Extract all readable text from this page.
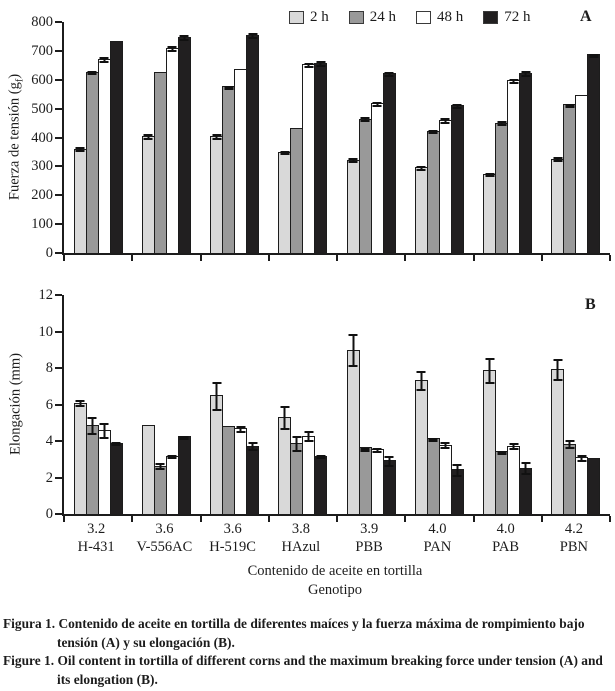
2 h	24 h	48 h	72 h	A
B
Fuerza de tensión $(g_f)$
Elongación (mm)
0
100
200
300
400
500
600
700
800
0
2
4
6
8
10
12
3.2
H-431
3.6
V-556AC
3.6
H-519C
3.8
HAzul
3.9
PBB
4.0
PAN
4.0
PAB
4.2
PBN
Contenido de aceite en tortilla
Genotipo

Figura 1. Contenido de aceite en tortilla de diferentes maíces y la fuerza máxima de rompimiento bajo tensión (A) y su elongación (B).

Figure 1. Oil content in tortilla of different corns and the maximum breaking force under tension (A) and its elongation (B).
